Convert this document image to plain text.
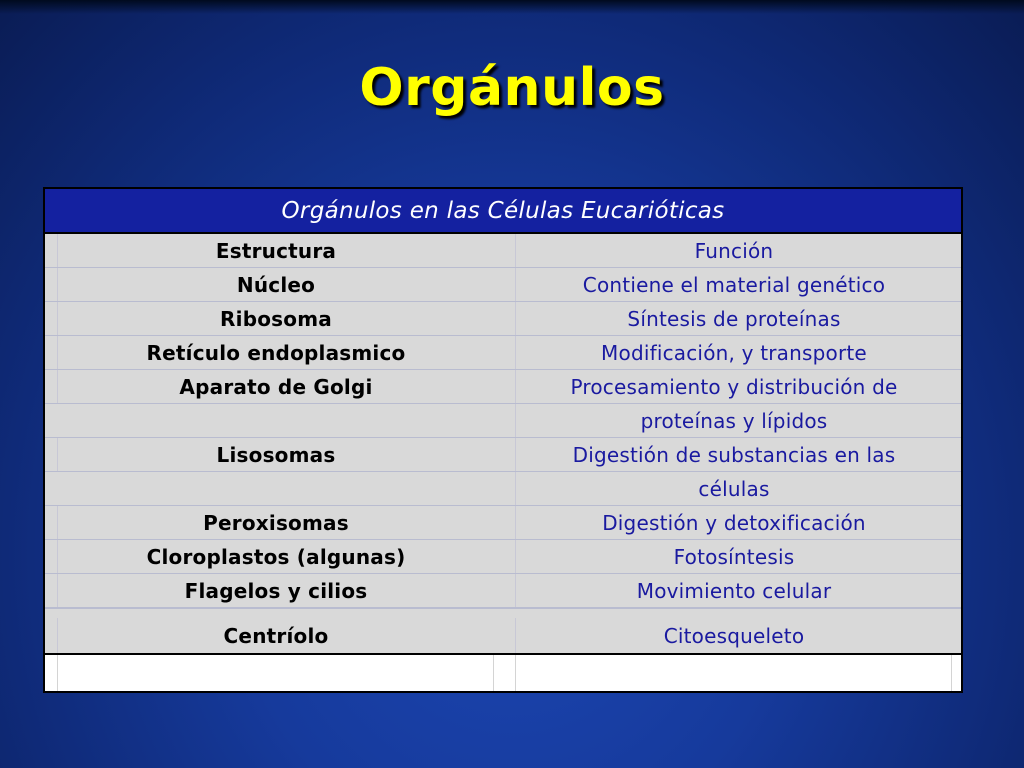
Orgánulos
Orgánulos en las Células Eucarióticas
Estructura	Función
Núcleo	Contiene el material genético
Ribosoma	Síntesis de proteínas
Retículo endoplasmico	Modificación, y transporte
Aparato de Golgi	Procesamiento y distribución de
proteínas y lípidos
Lisosomas	Digestión de substancias en las
células
Peroxisomas	Digestión y detoxificación
Cloroplastos (algunas)	Fotosíntesis
Flagelos y cilios	Movimiento celular
Centríolo	Citoesqueleto
